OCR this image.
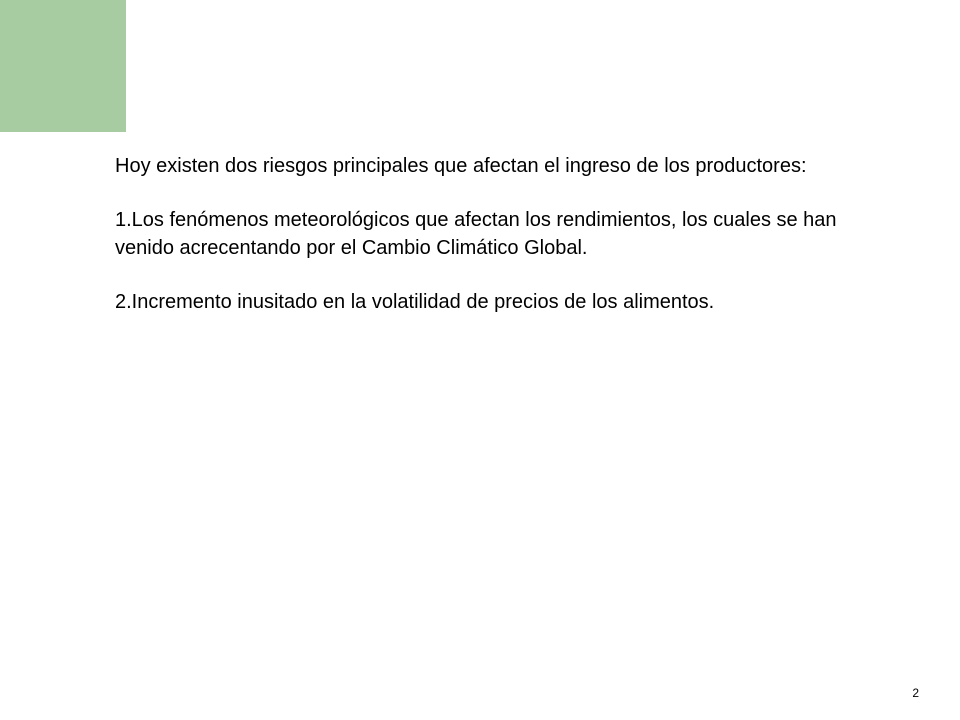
Hoy existen dos riesgos principales que afectan el ingreso de los productores:

1.Los fenómenos meteorológicos que afectan los rendimientos, los cuales se han venido acrecentando por el Cambio Climático Global.

2.Incremento inusitado en la volatilidad de precios de los alimentos.

2
